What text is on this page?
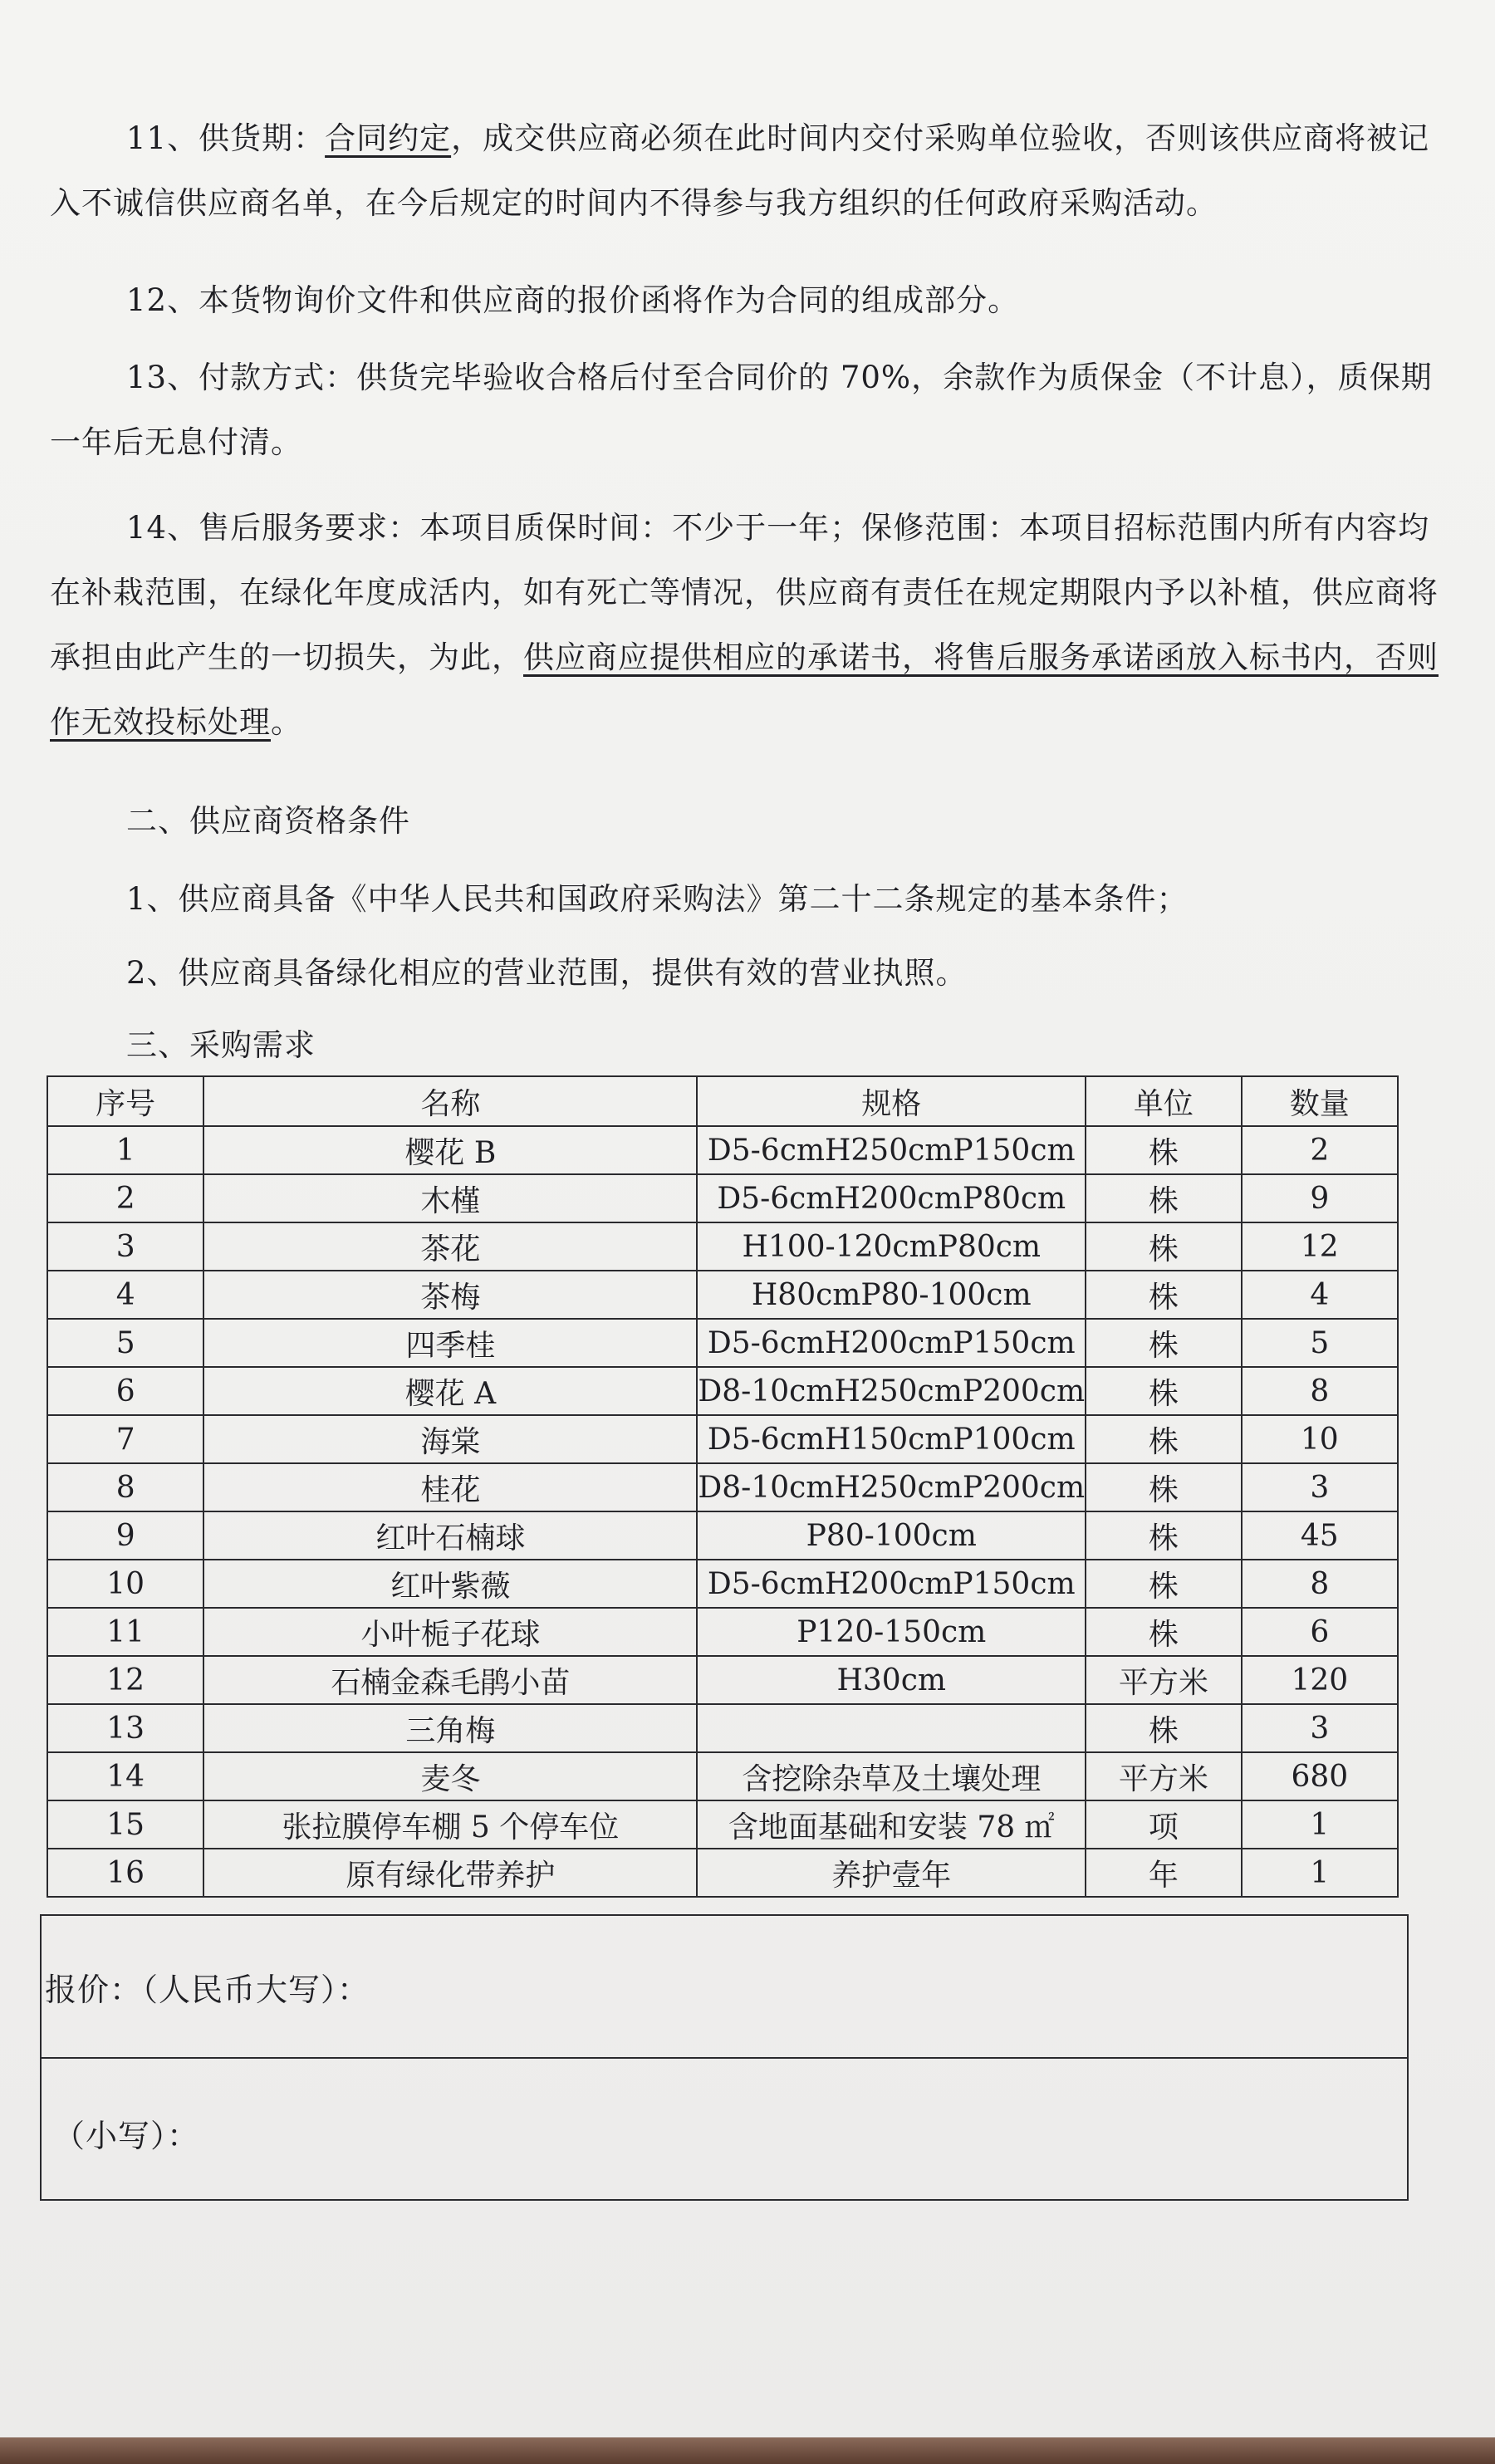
11、供货期：合同约定，成交供应商必须在此时间内交付采购单位验收，否则该供应商将被记入不诚信供应商名单，在今后规定的时间内不得参与我方组织的任何政府采购活动。

12、本货物询价文件和供应商的报价函将作为合同的组成部分。

13、付款方式：供货完毕验收合格后付至合同价的 70%，余款作为质保金（不计息），质保期一年后无息付清。

14、售后服务要求：本项目质保时间：不少于一年；保修范围：本项目招标范围内所有内容均在补栽范围，在绿化年度成活内，如有死亡等情况，供应商有责任在规定期限内予以补植，供应商将承担由此产生的一切损失，为此，供应商应提供相应的承诺书，将售后服务承诺函放入标书内，否则作无效投标处理。

二、供应商资格条件

1、供应商具备《中华人民共和国政府采购法》第二十二条规定的基本条件；

2、供应商具备绿化相应的营业范围，提供有效的营业执照。

三、采购需求

序号	名称	规格	单位	数量
1	樱花 B	D5-6cmH250cmP150cm	株	2
2	木槿	D5-6cmH200cmP80cm	株	9
3	茶花	H100-120cmP80cm	株	12
4	茶梅	H80cmP80-100cm	株	4
5	四季桂	D5-6cmH200cmP150cm	株	5
6	樱花 A	D8-10cmH250cmP200cm	株	8
7	海棠	D5-6cmH150cmP100cm	株	10
8	桂花	D8-10cmH250cmP200cm	株	3
9	红叶石楠球	P80-100cm	株	45
10	红叶紫薇	D5-6cmH200cmP150cm	株	8
11	小叶栀子花球	P120-150cm	株	6
12	石楠金森毛鹃小苗	H30cm	平方米	120
13	三角梅		株	3
14	麦冬	含挖除杂草及土壤处理	平方米	680
15	张拉膜停车棚 5 个停车位	含地面基础和安装 78 ㎡	项	1
16	原有绿化带养护	养护壹年	年	1
报价：（人民币大写）：
（小写）：
